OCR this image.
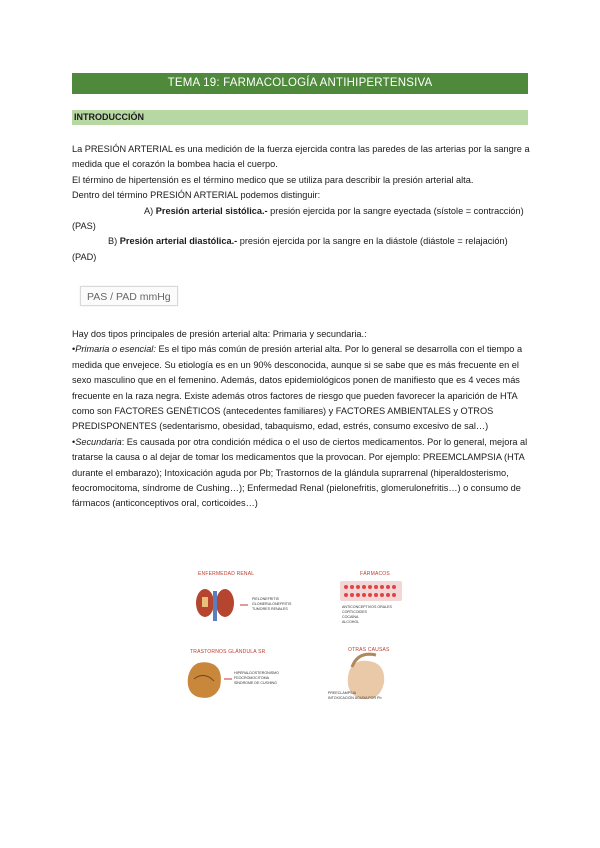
TEMA 19: FARMACOLOGÍA ANTIHIPERTENSIVA
INTRODUCCIÓN

La PRESIÓN ARTERIAL es una medición de la fuerza ejercida contra las paredes de las arterias por la sangre a medida que el corazón la bombea hacia el cuerpo.

El término de hipertensión es el término medico que se utiliza para describir la presión arterial alta.

Dentro del término PRESIÓN ARTERIAL podemos distinguir:

A) Presión arterial sistólica.- presión ejercida por la sangre eyectada (sístole = contracción) (PAS)

B) Presión arterial diastólica.- presión ejercida por la sangre en la diástole (diástole = relajación) (PAD)

PAS / PAD mmHg

Hay dos tipos principales de presión arterial alta: Primaria y secundaria.:

•Primaria o esencial: Es el tipo más común de presión arterial alta. Por lo general se desarrolla con el tiempo a medida que envejece. Su etiología es en un 90% desconocida, aunque si se sabe que es más frecuente en el sexo masculino que en el femenino. Además, datos epidemiológicos ponen de manifiesto que es 4 veces más frecuente en la raza negra. Existe además otros factores de riesgo que pueden favorecer la aparición de HTA como son FACTORES GENÉTICOS (antecedentes familiares) y FACTORES AMBIENTALES y OTROS PREDISPONENTES (sedentarismo, obesidad, tabaquismo, edad, estrés, consumo excesivo de sal…)

•Secundaria: Es causada por otra condición médica o el uso de ciertos medicamentos. Por lo general, mejora al tratarse la causa o al dejar de tomar los medicamentos que la provocan. Por ejemplo: PREEMCLAMPSIA (HTA durante el embarazo); Intoxicación aguda por Pb; Trastornos de la glándula suprarrenal (hiperaldosterismo, feocromocitoma, síndrome de Cushing…); Enfermedad Renal (pielonefritis, glomerulonefritis…) o consumo de fármacos (anticonceptivos oral, corticoides…)

ENFERMEDAD RENAL
PIELONEFRITIS
GLOMERULONEFRITIS
TUMORES RENALES
FÁRMACOS
ANTICONCEPTIVOS ORALES
CORTICOIDES
COCAÍNA
ALCOHOL
TRASTORNOS GLÁNDULA SR
HIPERALDOSTERONISMO
FEOCROMOCITOMA
SÍNDROME DE CUSHING
OTRAS CAUSAS
PREECLAMPSIA
INTOXICACIÓN AGUDA POR Pb
